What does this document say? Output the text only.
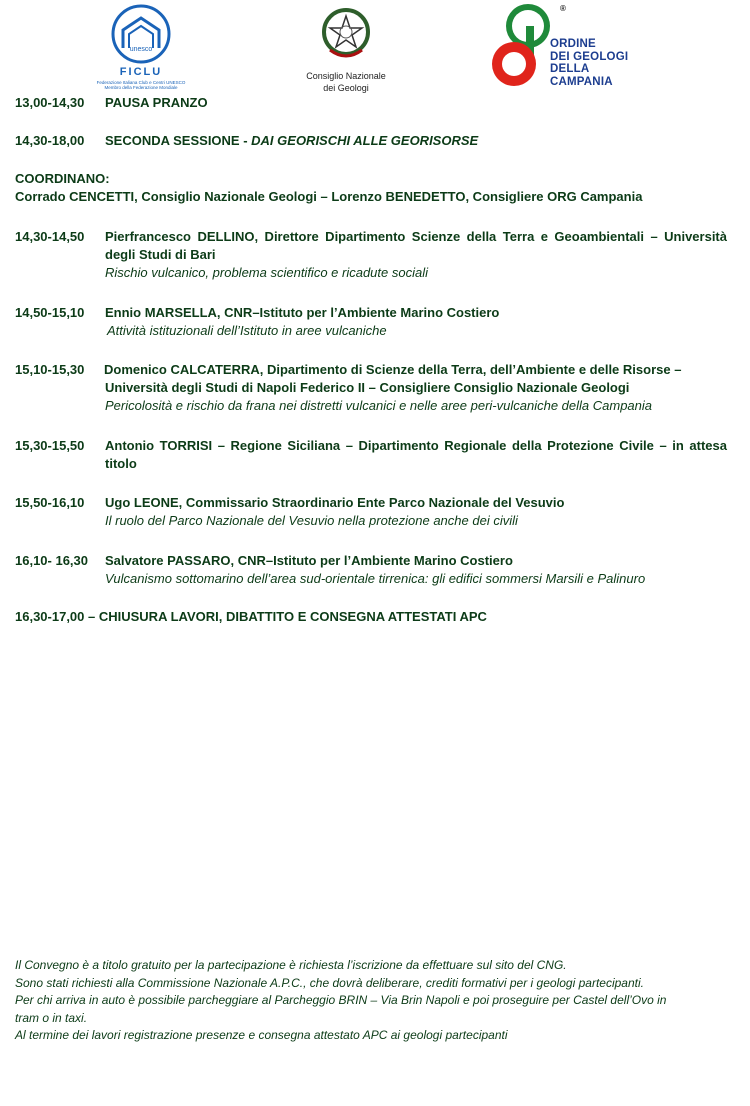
unesco
FICLU
Federazione Italiana Club e Centri UNESCO
Membro della Federazione Mondiale
Consiglio Nazionale
dei Geologi
®
ORDINE
DEI GEOLOGI
DELLA
CAMPANIA
13,00-14,30 PAUSA PRANZO
14,30-18,00 SECONDA SESSIONE - DAI GEORISCHI ALLE GEORISORSE
COORDINANO:
Corrado CENCETTI, Consiglio Nazionale Geologi – Lorenzo BENEDETTO, Consigliere ORG Campania
14,30-14,50 Pierfrancesco DELLINO, Direttore Dipartimento Scienze della Terra e Geoambientali – Università degli Studi di Bari
Rischio vulcanico, problema scientifico e ricadute sociali
14,50-15,10 Ennio MARSELLA, CNR–Istituto per l’Ambiente Marino Costiero
Attività istituzionali dell’Istituto in aree vulcaniche
15,10-15,30 Domenico CALCATERRA, Dipartimento di Scienze della Terra, dell’Ambiente e delle Risorse –
Università degli Studi di Napoli Federico II – Consigliere Consiglio Nazionale Geologi
Pericolosità e rischio da frana nei distretti vulcanici e nelle aree peri-vulcaniche della Campania
15,30-15,50 Antonio TORRISI – Regione Siciliana – Dipartimento Regionale della Protezione Civile – in attesa titolo
15,50-16,10 Ugo LEONE, Commissario Straordinario Ente Parco Nazionale del Vesuvio
Il ruolo del Parco Nazionale del Vesuvio nella protezione anche dei civili
16,10- 16,30 Salvatore PASSARO, CNR–Istituto per l’Ambiente Marino Costiero
Vulcanismo sottomarino dell’area sud-orientale tirrenica: gli edifici sommersi Marsili e Palinuro
16,30-17,00 – CHIUSURA LAVORI, DIBATTITO E CONSEGNA ATTESTATI APC
Il Convegno è a titolo gratuito per la partecipazione è richiesta l’iscrizione da effettuare sul sito del CNG.
Sono stati richiesti alla Commissione Nazionale A.P.C., che dovrà deliberare, crediti formativi per i geologi partecipanti.
Per chi arriva in auto è possibile parcheggiare al Parcheggio BRIN – Via Brin Napoli e poi proseguire per Castel dell’Ovo in
tram o in taxi.
Al termine dei lavori registrazione presenze e consegna attestato APC ai geologi partecipanti
